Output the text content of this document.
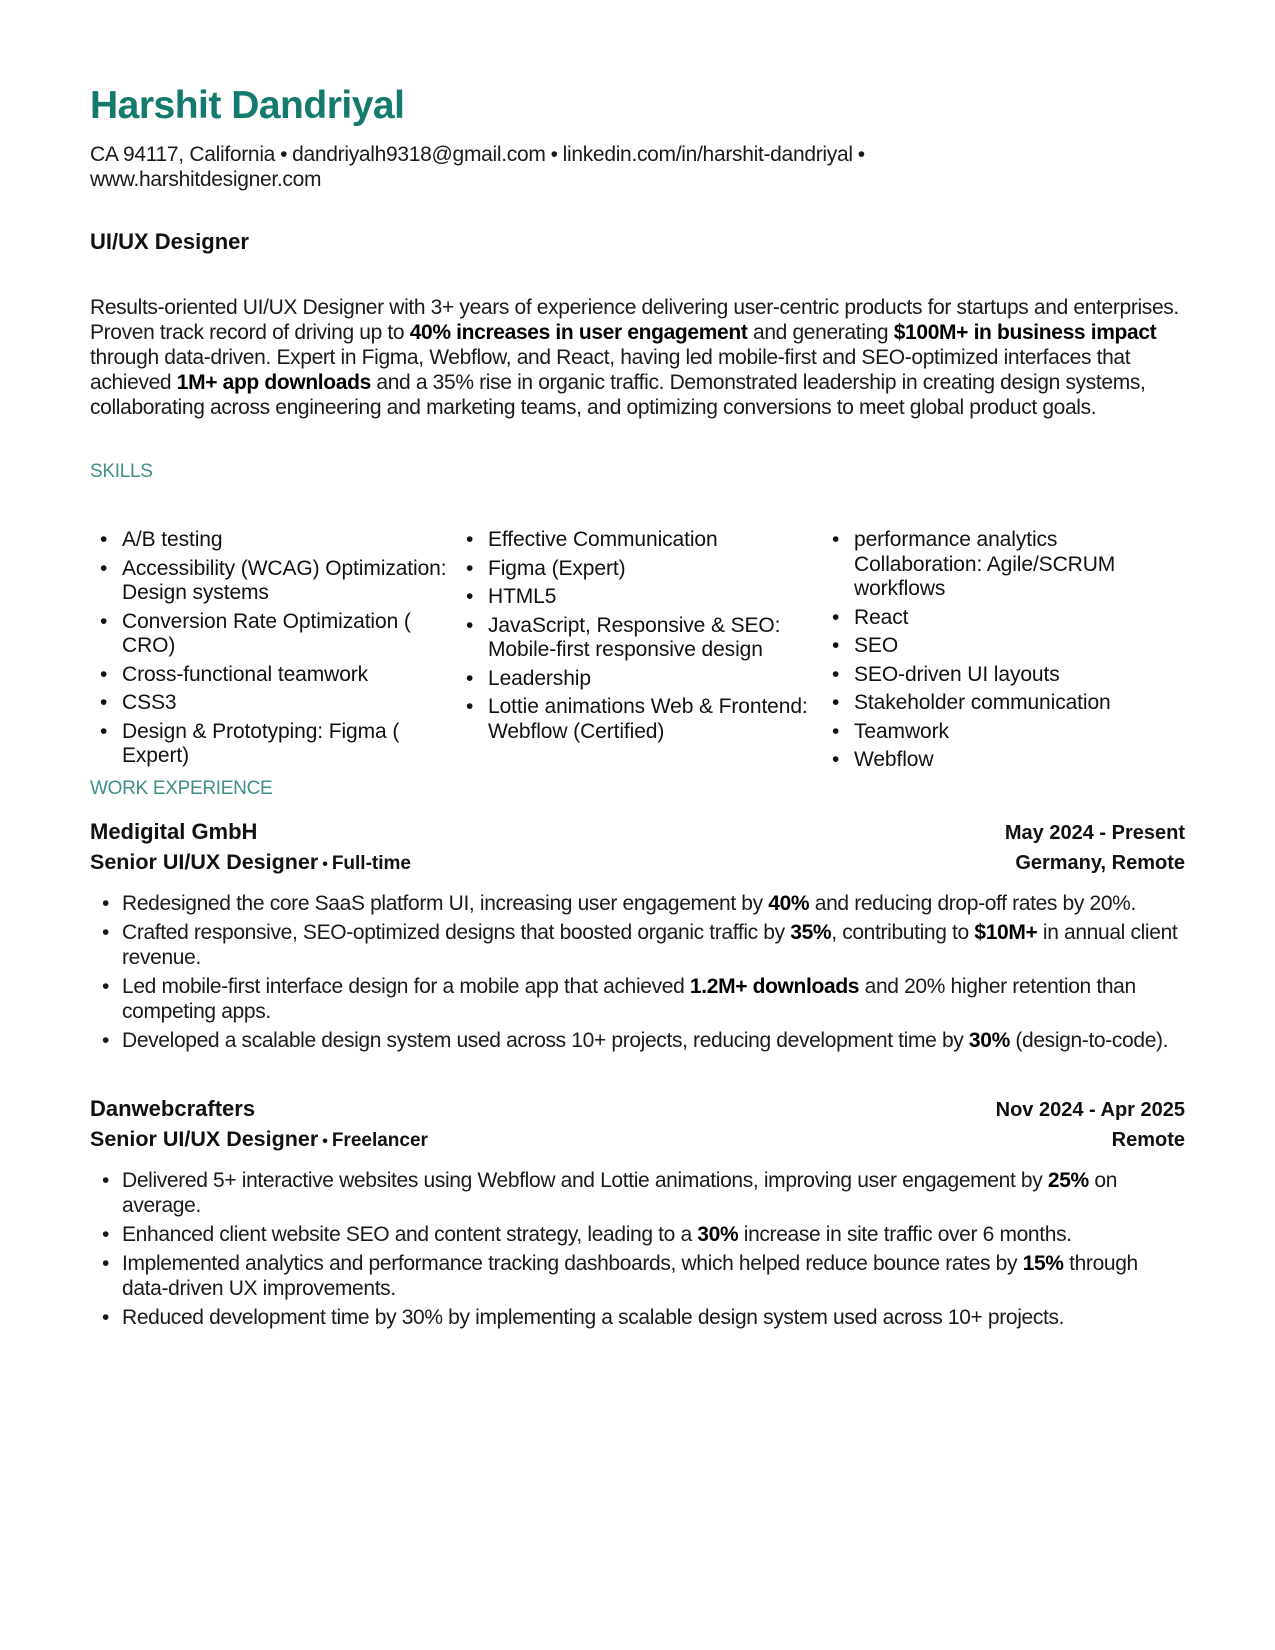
Harshit Dandriyal
CA 94117, California • dandriyalh9318@gmail.com • linkedin.com/in/harshit-dandriyal •
www.harshitdesigner.com
UI/UX Designer

Results-oriented UI/UX Designer with 3+ years of experience delivering user-centric products for startups and enterprises. Proven track record of driving up to 40% increases in user engagement and generating $100M+ in business impact through data-driven. Expert in Figma, Webflow, and React, having led mobile-first and SEO-optimized interfaces that achieved 1M+ app downloads and a 35% rise in organic traffic. Demonstrated leadership in creating design systems, collaborating across engineering and marketing teams, and optimizing conversions to meet global product goals.

SKILLS
• A/B testing
• Accessibility (WCAG) Optimization: Design systems
• Conversion Rate Optimization ( CRO)
• Cross-functional teamwork
• CSS3
• Design & Prototyping: Figma ( Expert)
• Effective Communication
• Figma (Expert)
• HTML5
• JavaScript, Responsive & SEO: Mobile-first responsive design
• Leadership
• Lottie animations Web & Frontend: Webflow (Certified)
• performance analytics Collaboration: Agile/SCRUM workflows
• React
• SEO
• SEO-driven UI layouts
• Stakeholder communication
• Teamwork
• Webflow
WORK EXPERIENCE
Medigital GmbH	May 2024 - Present
Senior UI/UX Designer • Full-time	Germany, Remote
• Redesigned the core SaaS platform UI, increasing user engagement by 40% and reducing drop-off rates by 20%.
• Crafted responsive, SEO-optimized designs that boosted organic traffic by 35%, contributing to $10M+ in annual client revenue.
• Led mobile-first interface design for a mobile app that achieved 1.2M+ downloads and 20% higher retention than competing apps.
• Developed a scalable design system used across 10+ projects, reducing development time by 30% (design-to-code).
Danwebcrafters	Nov 2024 - Apr 2025
Senior UI/UX Designer • Freelancer	Remote
• Delivered 5+ interactive websites using Webflow and Lottie animations, improving user engagement by 25% on average.
• Enhanced client website SEO and content strategy, leading to a 30% increase in site traffic over 6 months.
• Implemented analytics and performance tracking dashboards, which helped reduce bounce rates by 15% through data-driven UX improvements.
• Reduced development time by 30% by implementing a scalable design system used across 10+ projects.
